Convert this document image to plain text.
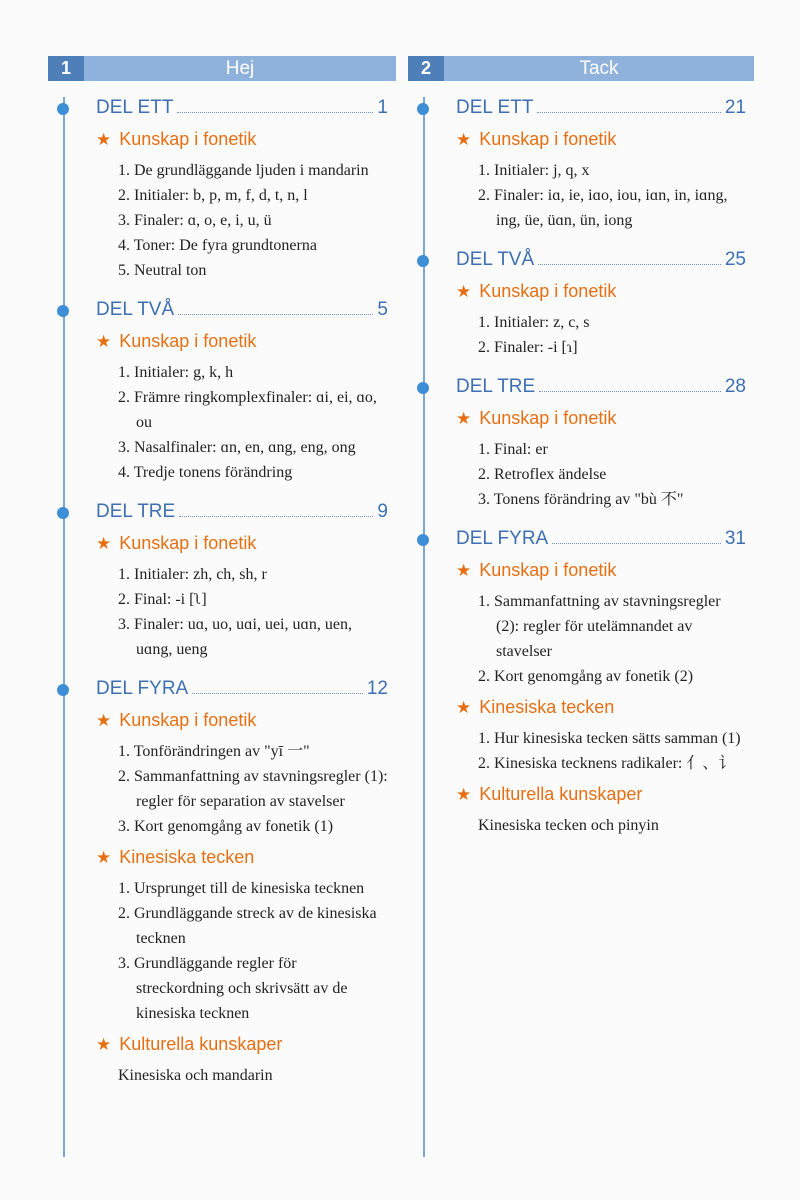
1	Hej
DEL ETT	1
★ Kunskap i fonetik
1. De grundläggande ljuden i mandarin
2. Initialer: b, p, m, f, d, t, n, l
3. Finaler: ɑ, o, e, i, u, ü
4. Toner: De fyra grundtonerna
5. Neutral ton
DEL TVÅ	5
★ Kunskap i fonetik
1. Initialer: g, k, h
2. Främre ringkomplexfinaler: ɑi, ei, ɑo, ou
3. Nasalfinaler: ɑn, en, ɑng, eng, ong
4. Tredje tonens förändring
DEL TRE	9
★ Kunskap i fonetik
1. Initialer: zh, ch, sh, r
2. Final: -i [ʅ]
3. Finaler: uɑ, uo, uɑi, uei, uɑn, uen, uɑng, ueng
DEL FYRA	12
★ Kunskap i fonetik
1. Tonförändringen av "yī 一"
2. Sammanfattning av stavningsregler (1): regler för separation av stavelser
3. Kort genomgång av fonetik (1)
★ Kinesiska tecken
1. Ursprunget till de kinesiska tecknen
2. Grundläggande streck av de kinesiska tecknen
3. Grundläggande regler för streckordning och skrivsätt av de kinesiska tecknen
★ Kulturella kunskaper
Kinesiska och mandarin
2	Tack
DEL ETT	21
★ Kunskap i fonetik
1. Initialer: j, q, x
2. Finaler: iɑ, ie, iɑo, iou, iɑn, in, iɑng, ing, üe, üɑn, ün, iong
DEL TVÅ	25
★ Kunskap i fonetik
1. Initialer: z, c, s
2. Finaler: -i [ɿ]
DEL TRE	28
★ Kunskap i fonetik
1. Final: er
2. Retroflex ändelse
3. Tonens förändring av "bù 不"
DEL FYRA	31
★ Kunskap i fonetik
1. Sammanfattning av stavningsregler (2): regler för utelämnandet av stavelser
2. Kort genomgång av fonetik (2)
★ Kinesiska tecken
1. Hur kinesiska tecken sätts samman (1)
2. Kinesiska tecknens radikaler: 亻、讠
★ Kulturella kunskaper
Kinesiska tecken och pinyin
